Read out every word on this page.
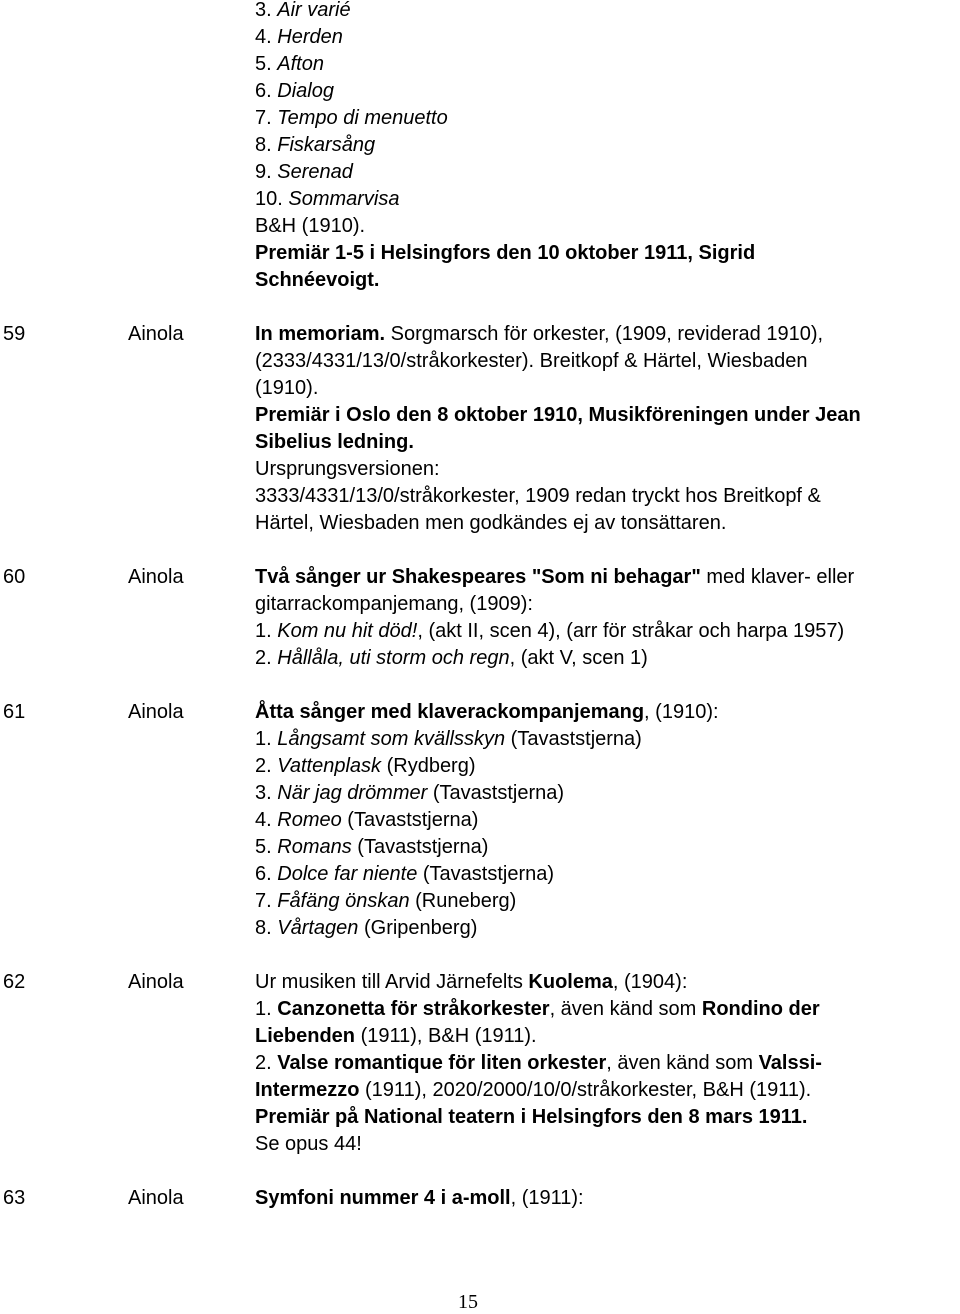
3. Air varié
4. Herden
5. Afton
6. Dialog
7. Tempo di menuetto
8. Fiskarsång
9. Serenad
10. Sommarvisa
B&H (1910).
Premiär 1-5 i Helsingfors den 10 oktober 1911, Sigrid
Schnéevoigt.
59	Ainola	In memoriam. Sorgmarsch för orkester, (1909, reviderad 1910),
(2333/4331/13/0/stråkorkester). Breitkopf & Härtel, Wiesbaden
(1910).
Premiär i Oslo den 8 oktober 1910, Musikföreningen under Jean
Sibelius ledning.
Ursprungsversionen:
3333/4331/13/0/stråkorkester, 1909 redan tryckt hos Breitkopf &
Härtel, Wiesbaden men godkändes ej av tonsättaren.
60	Ainola	Två sånger ur Shakespeares "Som ni behagar" med klaver- eller
gitarrackompanjemang, (1909):
1. Kom nu hit död!, (akt II, scen 4), (arr för stråkar och harpa 1957)
2. Hållåla, uti storm och regn, (akt V, scen 1)
61	Ainola	Åtta sånger med klaverackompanjemang, (1910):
1. Långsamt som kvällsskyn (Tavaststjerna)
2. Vattenplask (Rydberg)
3. När jag drömmer (Tavaststjerna)
4. Romeo (Tavaststjerna)
5. Romans (Tavaststjerna)
6. Dolce far niente (Tavaststjerna)
7. Fåfäng önskan (Runeberg)
8. Vårtagen (Gripenberg)
62	Ainola	Ur musiken till Arvid Järnefelts Kuolema, (1904):
1. Canzonetta för stråkorkester, även känd som Rondino der
Liebenden (1911), B&H (1911).
2. Valse romantique för liten orkester, även känd som Valssi-
Intermezzo (1911), 2020/2000/10/0/stråkorkester, B&H (1911).
Premiär på National teatern i Helsingfors den 8 mars 1911.
Se opus 44!
63	Ainola	Symfoni nummer 4 i a-moll, (1911):
15
